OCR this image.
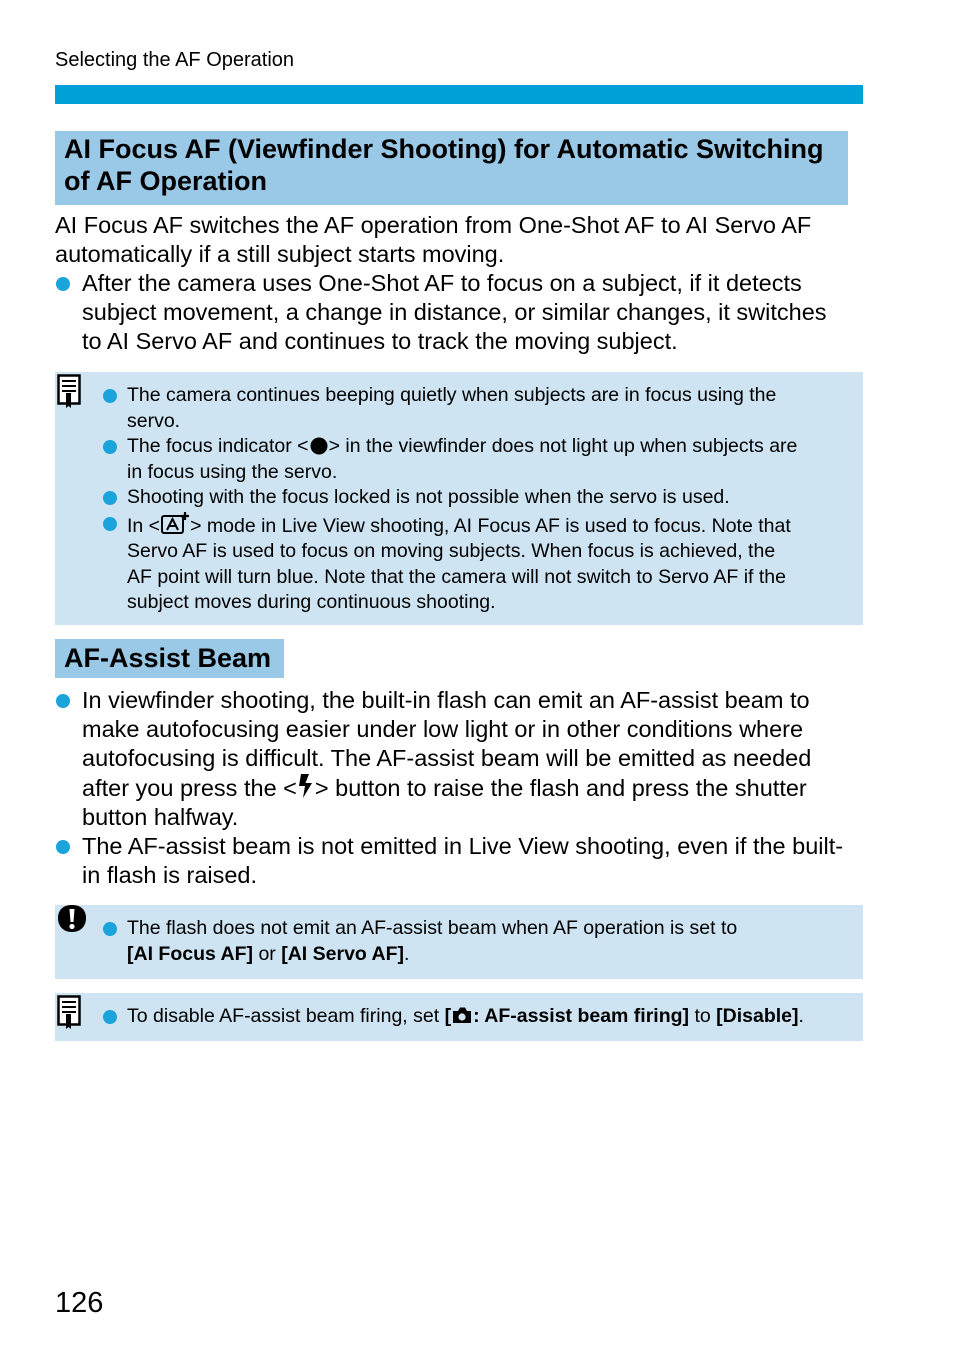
Selecting the AF Operation
AI Focus AF (Viewfinder Shooting) for Automatic Switching
of AF Operation
AI Focus AF switches the AF operation from One-Shot AF to AI Servo AF
automatically if a still subject starts moving.
After the camera uses One-Shot AF to focus on a subject, if it detects
subject movement, a change in distance, or similar changes, it switches
to AI Servo AF and continues to track the moving subject.
The camera continues beeping quietly when subjects are in focus using the
servo.
The focus indicator < > in the viewfinder does not light up when subjects are
in focus using the servo.
Shooting with the focus locked is not possible when the servo is used.
In < > mode in Live View shooting, AI Focus AF is used to focus. Note that
Servo AF is used to focus on moving subjects. When focus is achieved, the
AF point will turn blue. Note that the camera will not switch to Servo AF if the
subject moves during continuous shooting.
AF-Assist Beam
In viewfinder shooting, the built-in flash can emit an AF-assist beam to
make autofocusing easier under low light or in other conditions where
autofocusing is difficult. The AF-assist beam will be emitted as needed
after you press the < > button to raise the flash and press the shutter
button halfway.
The AF-assist beam is not emitted in Live View shooting, even if the built-
in flash is raised.
The flash does not emit an AF-assist beam when AF operation is set to
[AI Focus AF] or [AI Servo AF].
To disable AF-assist beam firing, set [ : AF-assist beam firing] to [Disable].
126
